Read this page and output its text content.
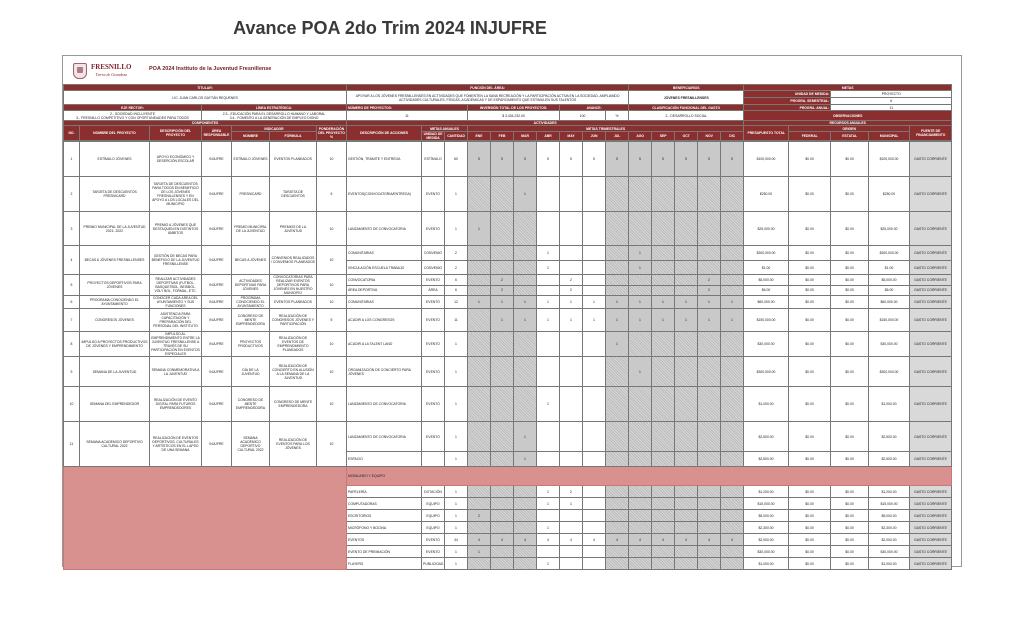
Avance POA 2do Trim 2024 INJUFRE
FRESNILLO
Tierra de Grandeza
POA 2024 Instituto de la Juventud Fresnillense
TITULAR:							FUNCIÓN DEL ÁREA:										BENEFICIARIOS					METAS				
LIC. JUAN CARLOS GAYTÁN REQUENES							APOYAR A LOS JÓVENES FRESNILLENSES EN ACTIVIDADES QUE FOMENTEN LA SANA RECREACIÓN Y LA PARTICIPACIÓN ACTIVA EN LA SOCIEDAD, AMPLIANDO ACTIVIDADES CULTURALES, FÍSICAS, ACADÉMICAS Y DE ESPARCIMIENTO QUE ESTIMULEN SUS TALENTOS										JÓVENES FRESNILLENSES					UNIDAD DE MEDIDA:		PROYECTO		
																						PROGRA. SEMESTRAL:		6		
EJE RECTOR:			LÍNEA ESTRATÉGICA:				NÚMERO DE PROYECTOS:			INVERSIÓN TOTAL DE LOS PROYECTOS:				AVANCE:			CLASIFICACIÓN FUNCIONAL DEL GASTO					PROGRA. ANUAL:		11		
2.- SOCIEDAD INCLUYENTE
3.- FRESNILLO COMPETITIVO Y CON OPORTUNIDADES PARA TODOS			2.3.- EDUCACIÓN PARA EL DESARROLLO HUMANO Y LABORAL
3.4.- FOMENTO A LA GENERACIÓN DE EMPLEO DIGNO				11			$ 3,434,232.00				100		%	2.- DESARROLLO SOCIAL					OBSERVACIONES				
COMPONENTES							ACTIVIDADES															RECURSOS ANUALES				
NO.	NOMBRE DEL PROYECTO	DESCRIPCIÓN DEL PROYECTO	ÁREA RESPONSABLE	INDICADOR		PONDERACIÓN DEL PROYECTO %	DESCRIPCIÓN DE ACCIONES	METAS ANUALES		METAS TRIMESTRALES												PRESUPUESTO TOTAL	ORIGEN			FUENTE DE FINANCIAMIENTO
				NOMBRE	FÓRMULA			UNIDAD DE MEDIDA	CANTIDAD	ENE	FEB	MAR	ABR	MAY	JUN	JUL	AGO	SEP	OCT	NOV	DIC		FEDERAL	ESTATAL	MUNICIPAL	
1	ESTÍMULO JÓVENES	APOYO ECONÓMICO Y DESERCIÓN ESCOLAR	INJUFRE	ESTÍMULO JÓVENES	EVENTOS PLANEADOS	10	GESTIÓN, TRÁMITE Y ENTREGA	ESTÍMULO	60	5	5	5	5	5	5	5	5	5	5	5	5	$100,000.00	$0.00	$0.00	$100,000.00	GASTO CORRIENTE
2	TARJETA DE DESCUENTOS FRESNICARD	TARJETA DE DESCUENTOS PARA TODOS EN BENEFICIO DE LOS JÓVENES FRESNILLENSES Y EN APOYO A LOS LOCALES DEL MUNICIPIO	INJUFRE	FRESNICARD	TARJETA DE DESCUENTOS	5	EVENTOS(CONVOCATORIA/ENTREGA)	EVENTO	1			1										$250.00	$0.00	$0.00	$250.00	GASTO CORRIENTE
3	PREMIO MUNICIPAL DE LA JUVENTUD 2021- 2022	PREMIO A JÓVENES QUE DESTAQUEN EN DISTINTOS ÁMBITOS	INJUFRE	PREMIO MUNICIPAL DE LA JUVENTUD	PREMIOS DE LA JUVENTUD	10	LANZAMIENTO DE CONVOCATORIA	EVENTO	1	1												$25,000.00	$0.00	$0.00	$25,000.00	GASTO CORRIENTE
4	BECAS A JÓVENES FRESNILLENSES	GESTIÓN DE BECAS PARA BENEFICIO DE LA JUVENTUD FRESNILLENSE	INJUFRE	BECAS A JÓVENES	CONVENIOS REALIZADOS / CONVENIOS PLANEADOS	10	COMUNITARIAS	CONVENIO	2				1				1					$300,000.00	$0.00	$0.00	$300,000.00	GASTO CORRIENTE
							VINCULACIÓN ESCUELA TRABAJO	CONVENIO	2				1				1					$1.00	$0.00	$0.00	$1.00	GASTO CORRIENTE
5	PROYECTOS DEPORTIVOS PARA JÓVENES	REALIZAR ACTIVIDADES DEPORTIVAS (FUTBOL, BASQUETBOL, BEISBOL, VOLY BOL, FORMAL, ETC.	INJUFRE	ACTIVIDADES DEPORTIVAS PARA JÓVENES	CONVOCATORIAS PARA REALIZAR EVENTOS DEPORTIVOS PARA JÓVENES EN NUESTRO MUNICIPIO	10	CONVOCATORIA	EVENTO	6		2			2						2		$5,000.00	$0.00	$0.00	$5,000.00	GASTO CORRIENTE
							ÁREA DEPORTIVA	ÁREA	6		2			2						2		$6.00	$0.00	$0.00	$6.00	GASTO CORRIENTE
6	PROGRAMA CONOCIENDO EL AYUNTAMIENTO	CONOCER CADA ÁREA DEL AYUNTAMIENTO Y SUS FUNCIONES	INJUFRE	PROGRAMA CONOCIENDO EL AYUNTAMIENTO	EVENTOS PLANEADOS	10	COMUNITARIAS	EVENTO	12	1	1	1	1	1	1	1	1	1	1	1	1	$60,000.00	$0.00	$0.00	$60,000.00	GASTO CORRIENTE
7	CONGRESOS JÓVENES	ASISTENCIA PARA CAPACITACIÓN Y PREPARACIÓN DEL PERSONAL DEL INSTITUTO	INJUFRE	CONGRESO DE MENTE EMPRENDEDORA	REALIZACIÓN DE CONGRESOS JÓVENES Y PARTICIPACIÓN	5	ACUDIR A LOS CONGRESOS	EVENTO	11		1	1	1	1	1	1	1	1	1	1	1	$150,000.00	$0.00	$0.00	$150,000.00	GASTO CORRIENTE
8	IMPULSO A PROYECTOS PRODUCTIVOS DE JÓVENES Y EMPRENDIMIENTO	IMPULSO AL EMPRENDIMIENTO ENTRE LA JUVENTUD FRESNILLENSE A TRAVÉS DE SU PARTICIPACIÓN EN EVENTOS ESPECIALES	INJUFRE	PROYECTOS PRODUCTIVOS	REALIZACIÓN DE EVENTOS DE EMPRENDIMIENTO PLANEADOS	10	ACUDIR A LA TALENT LAND	EVENTO	1							1						$30,000.00	$0.00	$0.00	$30,000.00	GASTO CORRIENTE
9	SEMANA DE LA JUVENTUD	SEMANA CONMEMORATIVA A LA JUVENTUD	INJUFRE	DÍA DE LA JUVENTUD	REALIZACIÓN DE CONCIERTO EN ALUSIÓN A LA SEMANA DE LA JUVENTUD	10	ORGANIZACIÓN DE CONCIERTO PARA JÓVENES	EVENTO	1								1					$300,000.00	$0.00	$0.00	$300,000.00	GASTO CORRIENTE
10	SEMANA DEL EMPRENDEDOR	REALIZACIÓN DE EVENTO DIGITAL PARA FUTUROS EMPRENDEDORES	INJUFRE	CONGRESO DE MENTE EMPRENDEDORA	CONGRESO DE MENTE EMPRENDEDORA	10	LANZAMIENTO DE CONVOCATORIA	EVENTO	1				1									$1,000.00	$0.00	$0.00	$1,000.00	GASTO CORRIENTE
11	SEMANA ACADÉMICO DEPORTIVO CULTURAL 2022	REALIZACIÓN DE EVENTOS DEPORTIVOS, CULTURALES Y ARTÍSTICOS EN EL LAPSO DE UNA SEMANA	INJUFRE	SEMANA ACADÉMICO DEPORTIVO CULTURAL 2022	REALIZACIÓN DE EVENTOS PARA LOS JÓVENES	10	LANZAMIENTO DE CONVOCATORIA	EVENTO	1			1										$2,500.00	$0.00	$0.00	$2,500.00	GASTO CORRIENTE
							ESPACIO		1			1										$2,500.00	$0.00	$0.00	$2,500.00	GASTO CORRIENTE
							MOBILIARIO Y EQUIPO																			
							PAPELERÍA	DOTACIÓN	1				1	2								$1,200.00	$0.00	$0.00	$1,200.00	GASTO CORRIENTE
							COMPUTADORAS	EQUIPO	1				1	1								$15,000.00	$0.00	$0.00	$15,000.00	GASTO CORRIENTE
							ESCRITORIOS	EQUIPO	1	2												$5,000.00	$0.00	$0.00	$5,000.00	GASTO CORRIENTE
							MICRÓFONO Y BOCINA	EQUIPO	1				1									$2,300.00	$0.00	$0.00	$2,300.00	GASTO CORRIENTE
							EVENTOS	EVENTO	44	4	4	4	4	4	4	4	4	4	4	4	4	$2,000.00	$0.00	$0.00	$2,000.00	GASTO CORRIENTE
							EVENTO DE PREMIACIÓN	EVENTO	1	1												$30,000.00	$0.00	$0.00	$30,000.00	GASTO CORRIENTE
							FLAYERS	PUBLICIDAD	1				1									$1,000.00	$0.00	$0.00	$1,000.00	GASTO CORRIENTE
